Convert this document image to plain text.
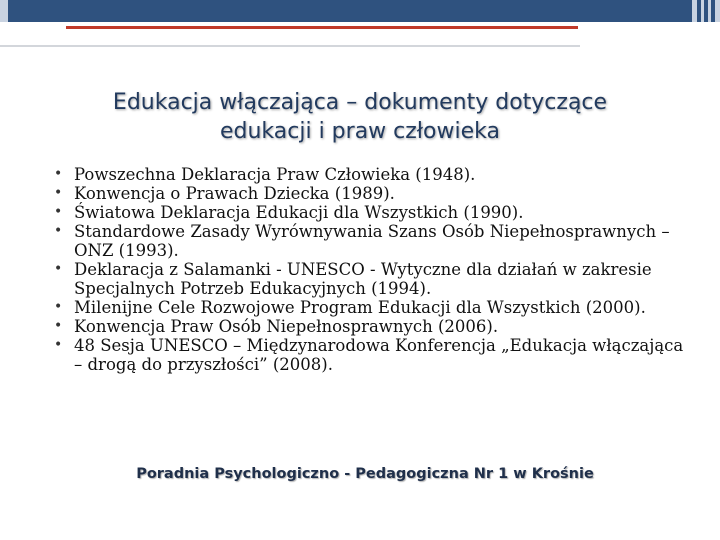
Edukacja włączająca – dokumenty dotyczące
edukacji i praw człowieka
• Powszechna Deklaracja Praw Człowieka (1948).
• Konwencja o Prawach Dziecka (1989).
• Światowa Deklaracja Edukacji dla Wszystkich (1990).
• Standardowe Zasady Wyrównywania Szans Osób Niepełnosprawnych – ONZ (1993).
• Deklaracja z Salamanki - UNESCO - Wytyczne dla działań w zakresie Specjalnych Potrzeb Edukacyjnych (1994).
• Milenijne Cele Rozwojowe Program Edukacji dla Wszystkich (2000).
• Konwencja Praw Osób Niepełnosprawnych (2006).
• 48 Sesja UNESCO – Międzynarodowa Konferencja „Edukacja włączająca – drogą do przyszłości” (2008).
Poradnia Psychologiczno - Pedagogiczna Nr 1 w Krośnie
